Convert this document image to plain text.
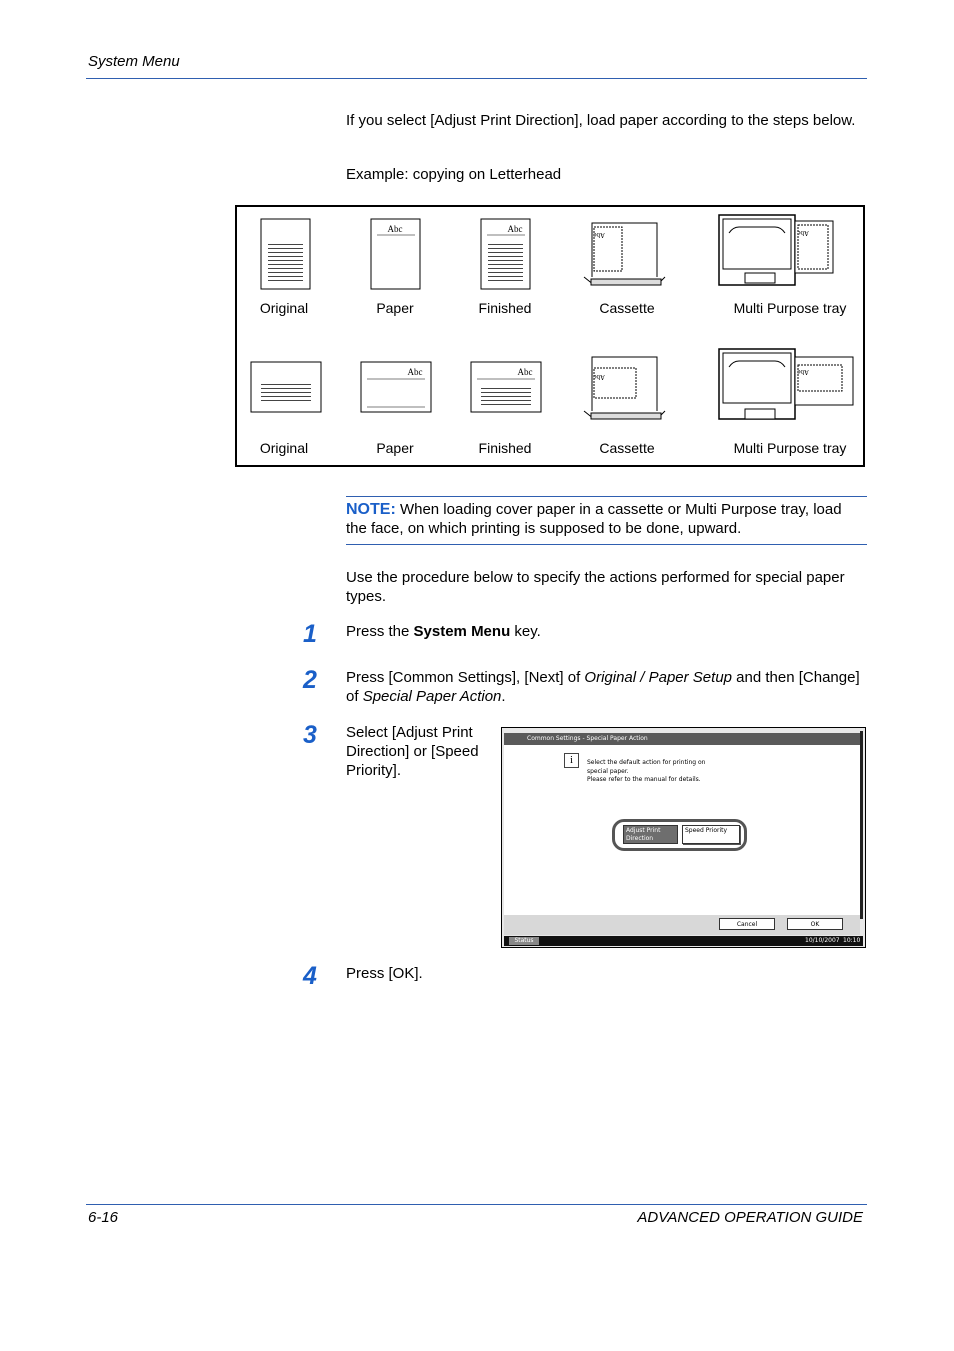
System Menu
If you select [Adjust Print Direction], load paper according to the steps below.
Example: copying on Letterhead
Abc	Abc
Abc	Abc
Abc	Abc	Abc
Abc
Original	Paper	Finished	Cassette	Multi Purpose tray
Original	Paper	Finished	Cassette	Multi Purpose tray
NOTE: When loading cover paper in a cassette or Multi Purpose tray, load the face, on which printing is supposed to be done, upward.
Use the procedure below to specify the actions performed for special paper types.
1	Press the System Menu key.
2	Press [Common Settings], [Next] of Original / Paper Setup and then [Change] of Special Paper Action.
3	Select [Adjust Print Direction] or [Speed Priority].
Common Settings - Special Paper Action
i	Select the default action for printing on
special paper.
Please refer to the manual for details.
Adjust Print Direction
Speed Priority
Cancel	OK
Status	10/10/2007 10:10
4	Press [OK].
6-16	ADVANCED OPERATION GUIDE
